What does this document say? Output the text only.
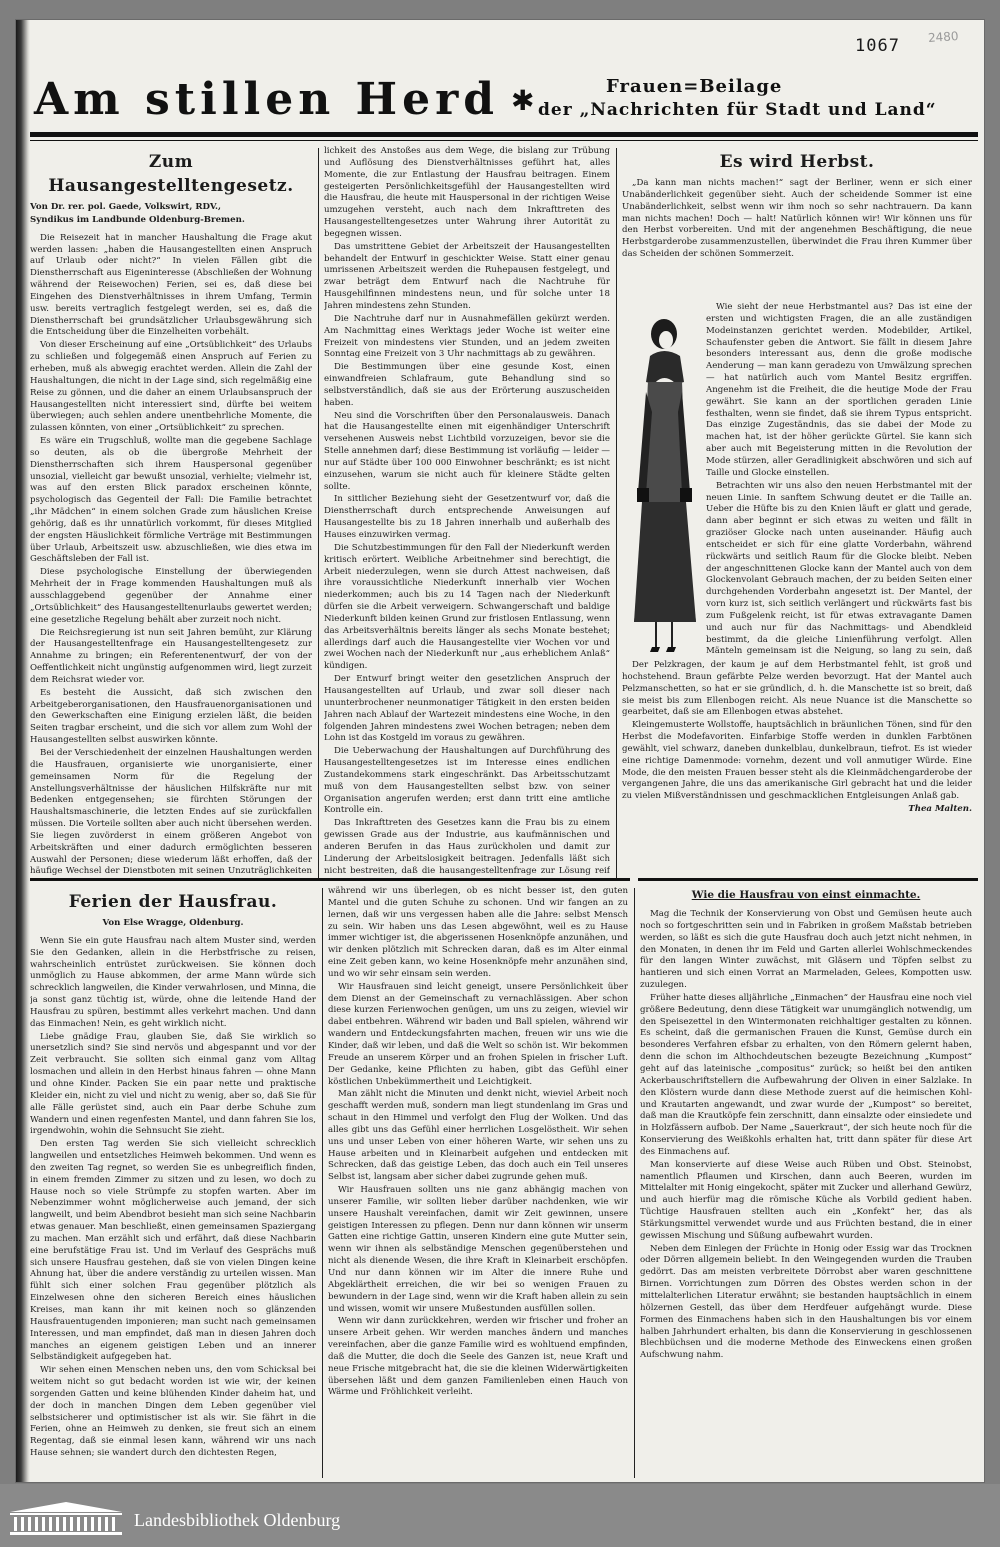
1067 2480
Am stillen Herd ✱	Frauen=Beilage
der „Nachrichten für Stadt und Land“

Zum Hausangestelltengesetz.

Von Dr. rer. pol. Gaede, Volkswirt, RDV.,

Syndikus im Landbunde Oldenburg-Bremen.

Die Reisezeit hat in mancher Haushaltung die Frage akut werden lassen: „haben die Hausangestellten einen Anspruch auf Urlaub oder nicht?“ In vielen Fällen gibt die Dienstherrschaft aus Eigeninteresse (Abschließen der Wohnung während der Reisewochen) Ferien, sei es, daß diese bei Eingehen des Dienstverhältnisses in ihrem Umfang, Termin usw. bereits vertraglich festgelegt werden, sei es, daß die Dienstherrschaft bei grundsätzlicher Urlaubsgewährung sich die Entscheidung über die Einzelheiten vorbehält.

Von dieser Erscheinung auf eine „Ortsüblichkeit“ des Urlaubs zu schließen und folgegemäß einen Anspruch auf Ferien zu erheben, muß als abwegig erachtet werden. Allein die Zahl der Haushaltungen, die nicht in der Lage sind, sich regelmäßig eine Reise zu gönnen, und die daher an einem Urlaubsanspruch der Hausangestellten nicht interessiert sind, dürfte bei weitem überwiegen; auch sehlen andere unentbehrliche Momente, die zulassen könnten, von einer „Ortsüblichkeit“ zu sprechen.

Es wäre ein Trugschluß, wollte man die gegebene Sachlage so deuten, als ob die übergroße Mehrheit der Dienstherrschaften sich ihrem Hauspersonal gegenüber unsozial, vielleicht gar bewußt unsozial, verhielte; vielmehr ist, was auf den ersten Blick paradox erscheinen könnte, psychologisch das Gegenteil der Fall: Die Familie betrachtet „ihr Mädchen“ in einem solchen Grade zum häuslichen Kreise gehörig, daß es ihr unnatürlich vorkommt, für dieses Mitglied der engsten Häuslichkeit förmliche Verträge mit Bestimmungen über Urlaub, Arbeitszeit usw. abzuschließen, wie dies etwa im Geschäftsleben der Fall ist.

Diese psychologische Einstellung der überwiegenden Mehrheit der in Frage kommenden Haushaltungen muß als ausschlaggebend gegenüber der Annahme einer „Ortsüblichkeit“ des Hausangestelltenurlaubs gewertet werden; eine gesetzliche Regelung behält aber zurzeit noch nicht.

Die Reichsregierung ist nun seit Jahren bemüht, zur Klärung der Hausangestelltenfrage ein Hausangestelltengesetz zur Annahme zu bringen; ein Referentenentwurf, der von der Oeffentlichkeit nicht ungünstig aufgenommen wird, liegt zurzeit dem Reichsrat wieder vor.

Es besteht die Aussicht, daß sich zwischen den Arbeitgeberorganisationen, den Hausfrauenorganisationen und den Gewerkschaften eine Einigung erzielen läßt, die beiden Seiten tragbar erscheint, und die sich vor allem zum Wohl der Hausangestellten selbst auswirken könnte.

Bei der Verschiedenheit der einzelnen Haushaltungen werden die Hausfrauen, organisierte wie unorganisierte, einer gemeinsamen Norm für die Regelung der Anstellungsverhältnisse der häuslichen Hilfskräfte nur mit Bedenken entgegensehen; sie fürchten Störungen der Haushaltsmaschinerie, die letzten Endes auf sie zurückfallen müssen. Die Vorteile sollten aber auch nicht übersehen werden. Sie liegen zuvörderst in einem größeren Angebot von Arbeitskräften und einer dadurch ermöglichten besseren Auswahl der Personen; diese wiederum läßt erhoffen, daß der häufige Wechsel der Dienstboten mit seinen Unzuträglichkeiten

lichkeit des Anstoßes aus dem Wege, die bislang zur Trübung und Auflösung des Dienstverhältnisses geführt hat, alles Momente, die zur Entlastung der Hausfrau beitragen. Einem gesteigerten Persönlichkeitsgefühl der Hausangestellten wird die Hausfrau, die heute mit Hauspersonal in der richtigen Weise umzugehen versteht, auch nach dem Inkrafttreten des Hausangestelltengesetzes unter Wahrung ihrer Autorität zu begegnen wissen.

Das umstrittene Gebiet der Arbeitszeit der Hausangestellten behandelt der Entwurf in geschickter Weise. Statt einer genau umrissenen Arbeitszeit werden die Ruhepausen festgelegt, und zwar beträgt dem Entwurf nach die Nachtruhe für Hausgehilfinnen mindestens neun, und für solche unter 18 Jahren mindestens zehn Stunden.

Die Nachtruhe darf nur in Ausnahmefällen gekürzt werden. Am Nachmittag eines Werktags jeder Woche ist weiter eine Freizeit von mindestens vier Stunden, und an jedem zweiten Sonntag eine Freizeit von 3 Uhr nachmittags ab zu gewähren.

Die Bestimmungen über eine gesunde Kost, einen einwandfreien Schlafraum, gute Behandlung sind so selbstverständlich, daß sie aus der Erörterung auszuscheiden haben.

Neu sind die Vorschriften über den Personalausweis. Danach hat die Hausangestellte einen mit eigenhändiger Unterschrift versehenen Ausweis nebst Lichtbild vorzuzeigen, bevor sie die Stelle annehmen darf; diese Bestimmung ist vorläufig — leider — nur auf Städte über 100 000 Einwohner beschränkt; es ist nicht einzusehen, warum sie nicht auch für kleinere Städte gelten sollte.

In sittlicher Beziehung sieht der Gesetzentwurf vor, daß die Dienstherrschaft durch entsprechende Anweisungen auf Hausangestellte bis zu 18 Jahren innerhalb und außerhalb des Hauses einzuwirken vermag.

Die Schutzbestimmungen für den Fall der Niederkunft werden kritisch erörtert. Weibliche Arbeitnehmer sind berechtigt, die Arbeit niederzulegen, wenn sie durch Attest nachweisen, daß ihre voraussichtliche Niederkunft innerhalb vier Wochen niederkommen; auch bis zu 14 Tagen nach der Niederkunft dürfen sie die Arbeit verweigern. Schwangerschaft und baldige Niederkunft bilden keinen Grund zur fristlosen Entlassung, wenn das Arbeitsverhältnis bereits länger als sechs Monate bestehet; allerdings darf auch die Hausangestellte vier Wochen vor und zwei Wochen nach der Niederkunft nur „aus erheblichem Anlaß“ kündigen.

Der Entwurf bringt weiter den gesetzlichen Anspruch der Hausangestellten auf Urlaub, und zwar soll dieser nach ununterbrochener neunmonatiger Tätigkeit in den ersten beiden Jahren nach Ablauf der Wartezeit mindestens eine Woche, in den folgenden Jahren mindestens zwei Wochen betragen; neben dem Lohn ist das Kostgeld im voraus zu gewähren.

Die Ueberwachung der Haushaltungen auf Durchführung des Hausangestelltengesetzes ist im Interesse eines endlichen Zustandekommens stark eingeschränkt. Das Arbeitsschutzamt muß von dem Hausangestellten selbst bzw. von seiner Organisation angerufen werden; erst dann tritt eine amtliche Kontrolle ein.

Das Inkrafttreten des Gesetzes kann die Frau bis zu einem gewissen Grade aus der Industrie, aus kaufmännischen und anderen Berufen in das Haus zurückholen und damit zur Linderung der Arbeitslosigkeit beitragen. Jedenfalls läßt sich nicht bestreiten, daß die hausangestelltenfrage zur Lösung reif

Es wird Herbst.

„Da kann man nichts machen!“ sagt der Berliner, wenn er sich einer Unabänderlichkeit gegenüber sieht. Auch der scheidende Sommer ist eine Unabänderlichkeit, selbst wenn wir ihm noch so sehr nachtrauern. Da kann man nichts machen! Doch — halt! Natürlich können wir! Wir können uns für den Herbst vorbereiten. Und mit der angenehmen Beschäftigung, die neue Herbstgarderobe zusammenzustellen, überwindet die Frau ihren Kummer über das Scheiden der schönen Sommerzeit.

Wie sieht der neue Herbstmantel aus? Das ist eine der ersten und wichtigsten Fragen, die an alle zuständigen Modeinstanzen gerichtet werden. Modebilder, Artikel, Schaufenster geben die Antwort. Sie fällt in diesem Jahre besonders interessant aus, denn die große modische Aenderung — man kann geradezu von Umwälzung sprechen — hat natürlich auch vom Mantel Besitz ergriffen. Angenehm ist die Freiheit, die die heutige Mode der Frau gewährt. Sie kann an der sportlichen geraden Linie festhalten, wenn sie findet, daß sie ihrem Typus entspricht. Das einzige Zugeständnis, das sie dabei der Mode zu machen hat, ist der höher gerückte Gürtel. Sie kann sich aber auch mit Begeisterung mitten in die Revolution der Mode stürzen, aller Geradlinigkeit abschwören und sich auf Taille und Glocke einstellen.

Betrachten wir uns also den neuen Herbstmantel mit der neuen Linie. In sanftem Schwung deutet er die Taille an. Ueber die Hüfte bis zu den Knien läuft er glatt und gerade, dann aber beginnt er sich etwas zu weiten und fällt in graziöser Glocke nach unten auseinander. Häufig auch entscheidet er sich für eine glatte Vorderbahn, während rückwärts und seitlich Raum für die Glocke bleibt. Neben der angeschnittenen Glocke kann der Mantel auch von dem Glockenvolant Gebrauch machen, der zu beiden Seiten einer durchgehenden Vorderbahn angesetzt ist. Der Mantel, der vorn kurz ist, sich seitlich verlängert und rückwärts fast bis zum Fußgelenk reicht, ist für etwas extravagante Damen und auch nur für das Nachmittags- und Abendkleid bestimmt, da die gleiche Linienführung verfolgt. Allen Mänteln gemeinsam ist die Neigung, so lang zu sein, daß

Der Pelzkragen, der kaum je auf dem Herbstmantel fehlt, ist groß und hochstehend. Braun gefärbte Pelze werden bevorzugt. Hat der Mantel auch Pelzmanschetten, so hat er sie gründlich, d. h. die Manschette ist so breit, daß sie meist bis zum Ellenbogen reicht. Als neue Nuance ist die Manschette so gearbeitet, daß sie am Ellenbogen etwas abstehet.

Kleingemusterte Wollstoffe, hauptsächlich in bräunlichen Tönen, sind für den Herbst die Modefavoriten. Einfarbige Stoffe werden in dunklen Farbtönen gewählt, viel schwarz, daneben dunkelblau, dunkelbraun, tiefrot. Es ist wieder eine richtige Damenmode: vornehm, dezent und voll anmutiger Würde. Eine Mode, die den meisten Frauen besser steht als die Kleinmädchengarderobe der vergangenen Jahre, die uns das amerikanische Girl gebracht hat und die leider zu vielen Mißverständnissen und geschmacklichen Entgleisungen Anlaß gab.

Thea Malten.

Ferien der Hausfrau.

Von Else Wragge, Oldenburg.

Wenn Sie ein gute Hausfrau nach altem Muster sind, werden Sie den Gedanken, allein in die Herbstfrische zu reisen, wahrscheinlich entrüstet zurückweisen. Sie können doch unmöglich zu Hause abkommen, der arme Mann würde sich schrecklich langweilen, die Kinder verwahrlosen, und Minna, die ja sonst ganz tüchtig ist, würde, ohne die leitende Hand der Hausfrau zu spüren, bestimmt alles verkehrt machen. Und dann das Einmachen! Nein, es geht wirklich nicht.

Liebe gnädige Frau, glauben Sie, daß Sie wirklich so unersetzlich sind? Sie sind nervös und abgespannt und vor der Zeit verbraucht. Sie sollten sich einmal ganz vom Alltag losmachen und allein in den Herbst hinaus fahren — ohne Mann und ohne Kinder. Packen Sie ein paar nette und praktische Kleider ein, nicht zu viel und nicht zu wenig, aber so, daß Sie für alle Fälle gerüstet sind, auch ein Paar derbe Schuhe zum Wandern und einen regenfesten Mantel, und dann fahren Sie los, irgendwohin, wohin die Sehnsucht Sie zieht.

Den ersten Tag werden Sie sich vielleicht schrecklich langweilen und entsetzliches Heimweh bekommen. Und wenn es den zweiten Tag regnet, so werden Sie es unbegreiflich finden, in einem fremden Zimmer zu sitzen und zu lesen, wo doch zu Hause noch so viele Strümpfe zu stopfen warten. Aber im Nebenzimmer wohnt möglicherweise auch jemand, der sich langweilt, und beim Abendbrot besieht man sich seine Nachbarin etwas genauer. Man beschließt, einen gemeinsamen Spaziergang zu machen. Man erzählt sich und erfährt, daß diese Nachbarin eine berufstätige Frau ist. Und im Verlauf des Gesprächs muß sich unsere Hausfrau gestehen, daß sie von vielen Dingen keine Ahnung hat, über die andere verständig zu urteilen wissen. Man fühlt sich einer solchen Frau gegenüber plötzlich als Einzelwesen ohne den sicheren Bereich eines häuslichen Kreises, man kann ihr mit keinen noch so glänzenden Hausfrauentugenden imponieren; man sucht nach gemeinsamen Interessen, und man empfindet, daß man in diesen Jahren doch manches an eigenem geistigen Leben und an innerer Selbständigkeit aufgegeben hat.

Wir sehen einen Menschen neben uns, den vom Schicksal bei weitem nicht so gut bedacht worden ist wie wir, der keinen sorgenden Gatten und keine blühenden Kinder daheim hat, und der doch in manchen Dingen dem Leben gegenüber viel selbstsicherer und optimistischer ist als wir. Sie fährt in die Ferien, ohne an Heimweh zu denken, sie freut sich an einem Regentag, daß sie einmal lesen kann, während wir uns nach Hause sehnen; sie wandert durch den dichtesten Regen,

während wir uns überlegen, ob es nicht besser ist, den guten Mantel und die guten Schuhe zu schonen. Und wir fangen an zu lernen, daß wir uns vergessen haben alle die Jahre: selbst Mensch zu sein. Wir haben uns das Lesen abgewöhnt, weil es zu Hause immer wichtiger ist, die abgerissenen Hosenknöpfe anzunähen, und wir denken plötzlich mit Schrecken daran, daß es im Alter einmal eine Zeit geben kann, wo keine Hosenknöpfe mehr anzunähen sind, und wo wir sehr einsam sein werden.

Wir Hausfrauen sind leicht geneigt, unsere Persönlichkeit über dem Dienst an der Gemeinschaft zu vernachlässigen. Aber schon diese kurzen Ferienwochen genügen, um uns zu zeigen, wieviel wir dabei entbehren. Während wir baden und Ball spielen, während wir wandern und Entdeckungsfahrten machen, freuen wir uns wie die Kinder, daß wir leben, und daß die Welt so schön ist. Wir bekommen Freude an unserem Körper und an frohen Spielen in frischer Luft. Der Gedanke, keine Pflichten zu haben, gibt das Gefühl einer köstlichen Unbekümmertheit und Leichtigkeit.

Man zählt nicht die Minuten und denkt nicht, wieviel Arbeit noch geschafft werden muß, sondern man liegt stundenlang im Gras und schaut in den Himmel und verfolgt den Flug der Wolken. Und das alles gibt uns das Gefühl einer herrlichen Losgelöstheit. Wir sehen uns und unser Leben von einer höheren Warte, wir sehen uns zu Hause arbeiten und in Kleinarbeit aufgehen und entdecken mit Schrecken, daß das geistige Leben, das doch auch ein Teil unseres Selbst ist, langsam aber sicher dabei zugrunde gehen muß.

Wir Hausfrauen sollten uns nie ganz abhängig machen von unserer Familie, wir sollten lieber darüber nachdenken, wie wir unsere Haushalt vereinfachen, damit wir Zeit gewinnen, unsere geistigen Interessen zu pflegen. Denn nur dann können wir unserm Gatten eine richtige Gattin, unseren Kindern eine gute Mutter sein, wenn wir ihnen als selbständige Menschen gegenüberstehen und nicht als dienende Wesen, die ihre Kraft in Kleinarbeit erschöpfen. Und nur dann können wir im Alter die innere Ruhe und Abgeklärtheit erreichen, die wir bei so wenigen Frauen zu bewundern in der Lage sind, wenn wir die Kraft haben allein zu sein und wissen, womit wir unsere Mußestunden ausfüllen sollen.

Wenn wir dann zurückkehren, werden wir frischer und froher an unsere Arbeit gehen. Wir werden manches ändern und manches vereinfachen, aber die ganze Familie wird es wohltuend empfinden, daß die Mutter, die doch die Seele des Ganzen ist, neue Kraft und neue Frische mitgebracht hat, die sie die kleinen Widerwärtigkeiten übersehen läßt und dem ganzen Familienleben einen Hauch von Wärme und Fröhlichkeit verleiht.

Wie die Hausfrau von einst einmachte.

Mag die Technik der Konservierung von Obst und Gemüsen heute auch noch so fortgeschritten sein und in Fabriken in großem Maßstab betrieben werden, so läßt es sich die gute Hausfrau doch auch jetzt nicht nehmen, in den Monaten, in denen ihr im Feld und Garten allerlei Wohlschmeckendes für den langen Winter zuwächst, mit Gläsern und Töpfen selbst zu hantieren und sich einen Vorrat an Marmeladen, Gelees, Kompotten usw. zuzulegen.

Früher hatte dieses alljährliche „Einmachen“ der Hausfrau eine noch viel größere Bedeutung, denn diese Tätigkeit war unumgänglich notwendig, um den Speisezettel in den Wintermonaten reichhaltiger gestalten zu können. Es scheint, daß die germanischen Frauen die Kunst, Gemüse durch ein besonderes Verfahren efsbar zu erhalten, von den Römern gelernt haben, denn die schon im Althochdeutschen bezeugte Bezeichnung „Kumpost“ geht auf das lateinische „compositus“ zurück; so heißt bei den antiken Ackerbauschriftstellern die Aufbewahrung der Oliven in einer Salzlake. In den Klöstern wurde dann diese Methode zuerst auf die heimischen Kohl- und Krautarten angewandt, und zwar wurde der „Kumpost“ so bereitet, daß man die Krautköpfe fein zerschnitt, dann einsalzte oder einsiedete und in Holzfässern aufbob. Der Name „Sauerkraut“, der sich heute noch für die Konservierung des Weißkohls erhalten hat, tritt dann später für diese Art des Einmachens auf.

Man konservierte auf diese Weise auch Rüben und Obst. Steinobst, namentlich Pflaumen und Kirschen, dann auch Beeren, wurden im Mittelalter mit Honig eingekocht, später mit Zucker und allerhand Gewürz, und auch hierfür mag die römische Küche als Vorbild gedient haben. Tüchtige Hausfrauen stellten auch ein „Konfekt“ her, das als Stärkungsmittel verwendet wurde und aus Früchten bestand, die in einer gewissen Mischung und Süßung aufbewahrt wurden.

Neben dem Einlegen der Früchte in Honig oder Essig war das Trocknen oder Dörren allgemein beliebt. In den Weingegenden wurden die Trauben gedörrt. Das am meisten verbreitete Dörrobst aber waren geschnittene Birnen. Vorrichtungen zum Dörren des Obstes werden schon in der mittelalterlichen Literatur erwähnt; sie bestanden hauptsächlich in einem hölzernen Gestell, das über dem Herdfeuer aufgehängt wurde. Diese Formen des Einmachens haben sich in den Haushaltungen bis vor einem halben Jahrhundert erhalten, bis dann die Konservierung in geschlossenen Blechbüchsen und die moderne Methode des Einweckens einen großen Aufschwung nahm.

Landesbibliothek Oldenburg
